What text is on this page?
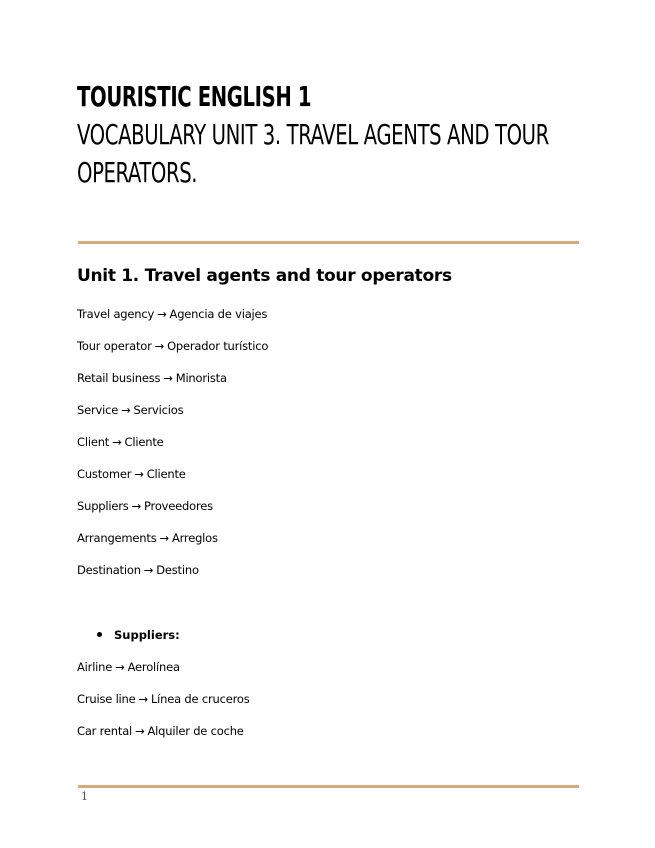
TOURISTIC ENGLISH 1
VOCABULARY UNIT 3. TRAVEL AGENTS AND TOUR
OPERATORS.
Unit 1. Travel agents and tour operators
Travel agency → Agencia de viajes
Tour operator → Operador turístico
Retail business → Minorista
Service → Servicios
Client → Cliente
Customer → Cliente
Suppliers → Proveedores
Arrangements → Arreglos
Destination → Destino
Suppliers:
Airline → Aerolínea
Cruise line → Línea de cruceros
Car rental → Alquiler de coche
1
